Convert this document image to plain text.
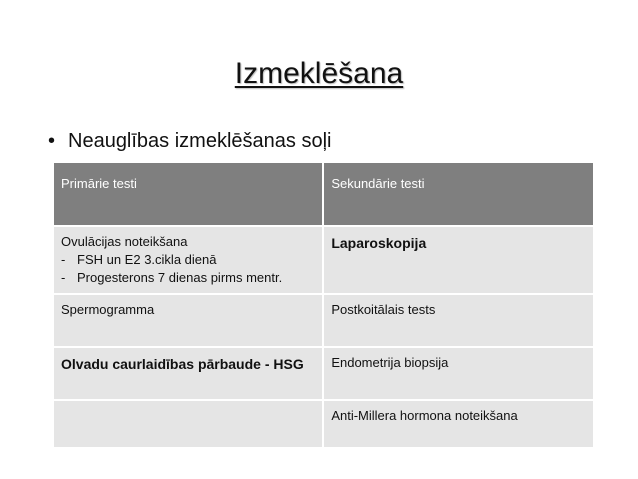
Izmeklēšana
• Neauglības izmeklēšanas soļi
Primārie testi	Sekundārie testi

Ovulācijas noteikšana
- FSH un E2 3.cikla dienā
- Progesterons 7 dienas pirms mentr.	Laparoskopija
Spermogramma	Postkoitālais tests
Olvadu caurlaidības pārbaude - HSG	Endometrija biopsija
	Anti-Millera hormona noteikšana
